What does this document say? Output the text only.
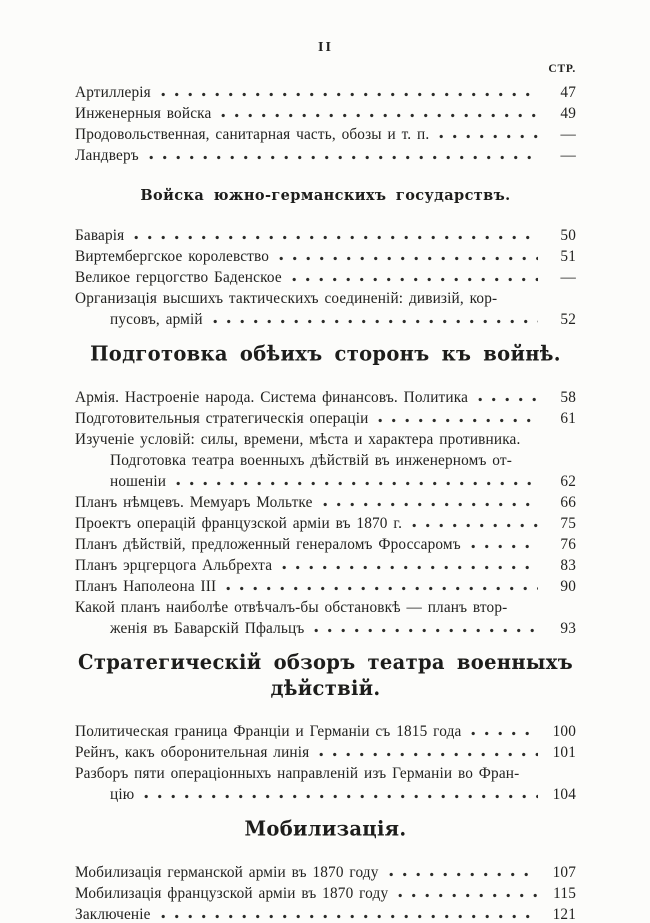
II
СТР.
Артиллерія	47
Инженерныя войска	49
Продовольственная, санитарная часть, обозы и т. п.	—
Ландверъ	—
Войска южно-германскихъ государствъ.
Баварія	50
Виртембергское королевство	51
Великое герцогство Баденское	—
Организація высшихъ тактическихъ соединеній: дивизій, кор-
пусовъ, армій	52
Подготовка обѣихъ сторонъ къ войнѣ.
Армія. Настроеніе народа. Система финансовъ. Политика	58
Подготовительныя стратегическія операціи	61
Изученіе условій: силы, времени, мѣста и характера противника.
Подготовка театра военныхъ дѣйствій въ инженерномъ от-
ношеніи	62
Планъ нѣмцевъ. Мемуаръ Мольтке	66
Проектъ операцій французской арміи въ 1870 г.	75
Планъ дѣйствій, предложенный генераломъ Фроссаромъ	76
Планъ эрцгерцога Альбрехта	83
Планъ Наполеона III	90
Какой планъ наиболѣе отвѣчалъ-бы обстановкѣ — планъ втор-
женія въ Баварскій Пфальцъ	93
Стратегическій обзоръ театра военныхъ дѣйствій.
Политическая граница Франціи и Германіи съ 1815 года	100
Рейнъ, какъ оборонительная линія	101
Разборъ пяти операціонныхъ направленій изъ Германіи во Фран-
цію	104
Мобилизація.
Мобилизація германской арміи въ 1870 году	107
Мобилизація французской арміи въ 1870 году	115
Заключеніе	121
